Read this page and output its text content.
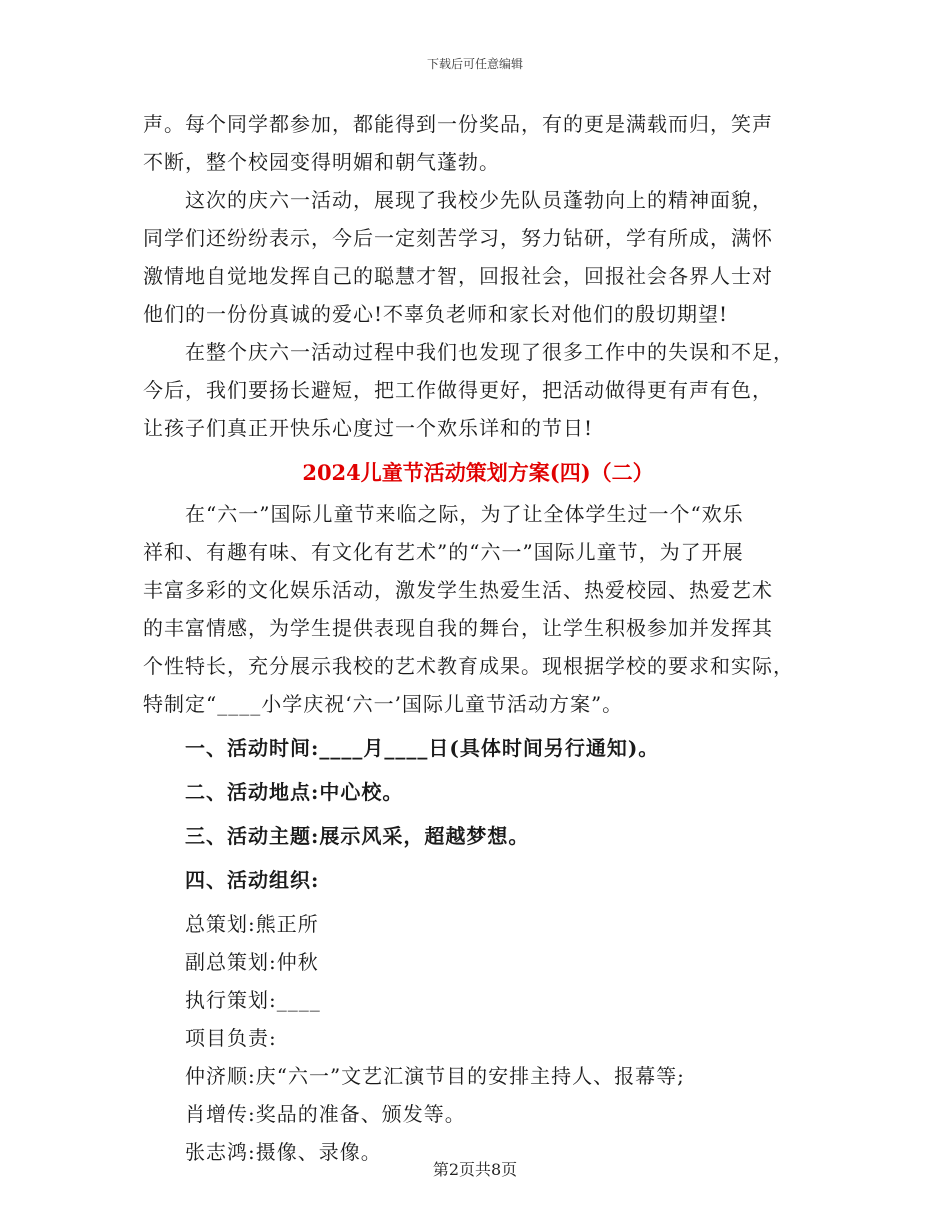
下载后可任意编辑
声。每个同学都参加，都能得到一份奖品，有的更是满载而归，笑声
不断，整个校园变得明媚和朝气蓬勃。
这次的庆六一活动，展现了我校少先队员蓬勃向上的精神面貌，
同学们还纷纷表示，今后一定刻苦学习，努力钻研，学有所成，满怀
激情地自觉地发挥自己的聪慧才智，回报社会，回报社会各界人士对
他们的一份份真诚的爱心!不辜负老师和家长对他们的殷切期望!
在整个庆六一活动过程中我们也发现了很多工作中的失误和不足，
今后，我们要扬长避短，把工作做得更好，把活动做得更有声有色，
让孩子们真正开快乐心度过一个欢乐详和的节日!
2024儿童节活动策划方案(四)（二）
在“六一”国际儿童节来临之际，为了让全体学生过一个“欢乐
祥和、有趣有味、有文化有艺术”的“六一”国际儿童节，为了开展
丰富多彩的文化娱乐活动，激发学生热爱生活、热爱校园、热爱艺术
的丰富情感，为学生提供表现自我的舞台，让学生积极参加并发挥其
个性特长，充分展示我校的艺术教育成果。现根据学校的要求和实际，
特制定“____小学庆祝‘六一’国际儿童节活动方案”。
一、活动时间:____月____日(具体时间另行通知)。
二、活动地点:中心校。
三、活动主题:展示风采，超越梦想。
四、活动组织:
总策划:熊正所
副总策划:仲秋
执行策划:____
项目负责:
仲济顺:庆“六一”文艺汇演节目的安排主持人、报幕等;
肖增传:奖品的准备、颁发等。
张志鸿:摄像、录像。
第2页共8页
